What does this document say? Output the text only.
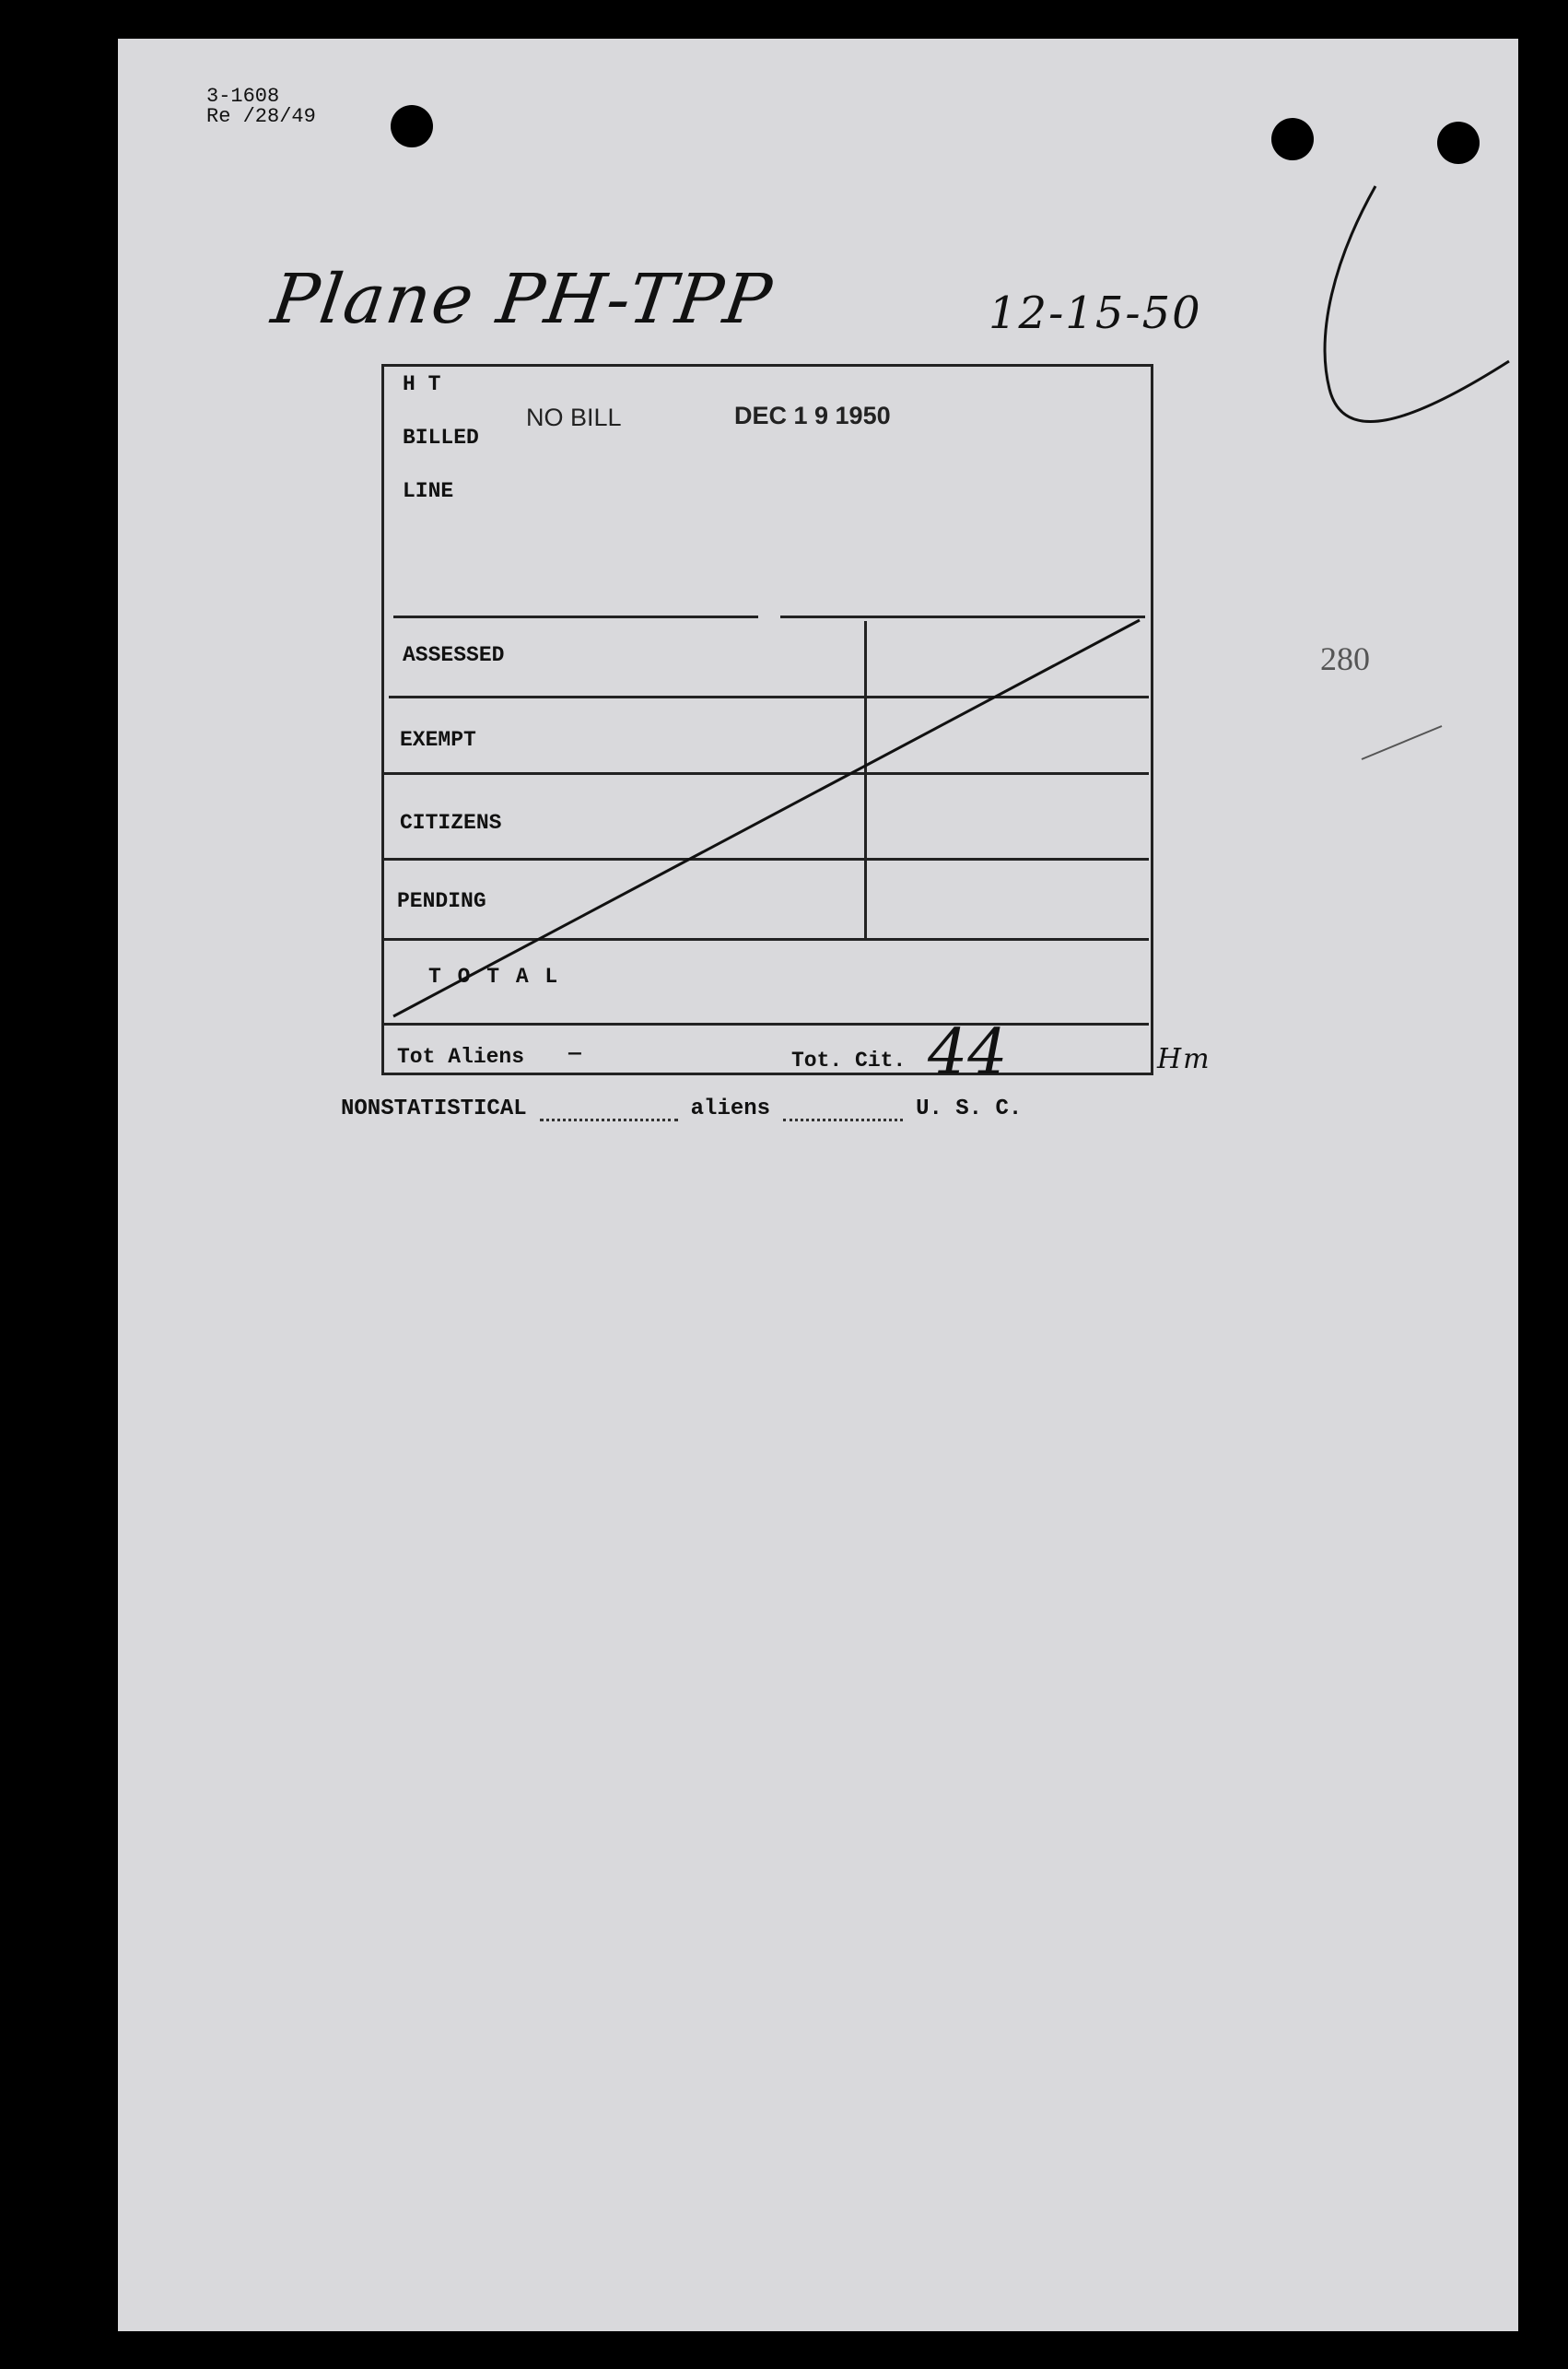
3-1608
Re /28/49
Plane PH-TPP	12-15-50
280
H T
BILLED
LINE
NO BILL	DEC 1 9 1950
ASSESSED
EXEMPT
CITIZENS
PENDING
T O T A L
Tot Aliens —	Tot. Cit. 44	Hm
NONSTATISTICAL	aliens	U. S. C.
